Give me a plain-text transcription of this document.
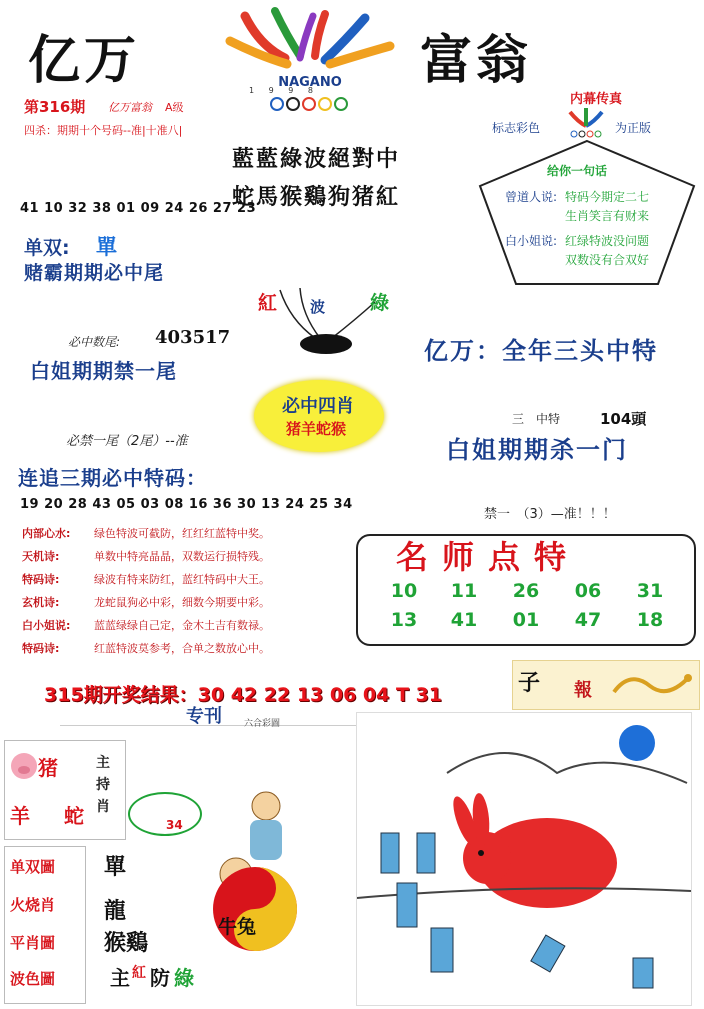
亿万	富翁
NAGANO
1 9 9 8
第316期 亿万富翁 A级
四杀：期期十个号码--准|十准八|
藍藍綠波絕對中
蛇馬猴鷄狗猪紅
内幕传真
标志彩色	为正版
给你一句话
曾道人说: 特码今期定二七
生肖笑言有财来
白小姐说: 红绿特波没问题
双数没有合双好
41 10 32 38 01 09 24 26 27 23
单双: 單
赌霸期期必中尾
紅 波 綠
必中数尾: 403517
白姐期期禁一尾
亿万：全年三头中特
必中四肖
猪羊蛇猴
必禁一尾（2尾）--准
三　中特	104頭
白姐期期杀一门
连追三期必中特码：
19 20 28 43 05 03 08 16 36 30 13 24 25 34
禁一　（3）—准！！！
内部心水: 绿色特波可截防，红红红蓝特中奖。
天机诗:	单数中特亮晶晶，双数运行损特残。
特码诗:	绿波有特来防红，蓝红特码中大王。
玄机诗:	龙蛇鼠狗必中彩，细数今期要中彩。
白小姐说: 蓝蓝绿绿自己定，金木土吉有数禄。
特码诗:	红蓝特波莫参考，合单之数放心中。
名师点特
10	11	26	06	31
13	41	01	47	18
315期开奖结果：30 42 22 13 06 04 T 31
专刊 六合彩圖
子 報
猪
羊 蛇
主持肖
34
单双圖
火烧肖
平肖圖
波色圖
單
龍
猴鷄
主 紅 防 綠
牛兔
